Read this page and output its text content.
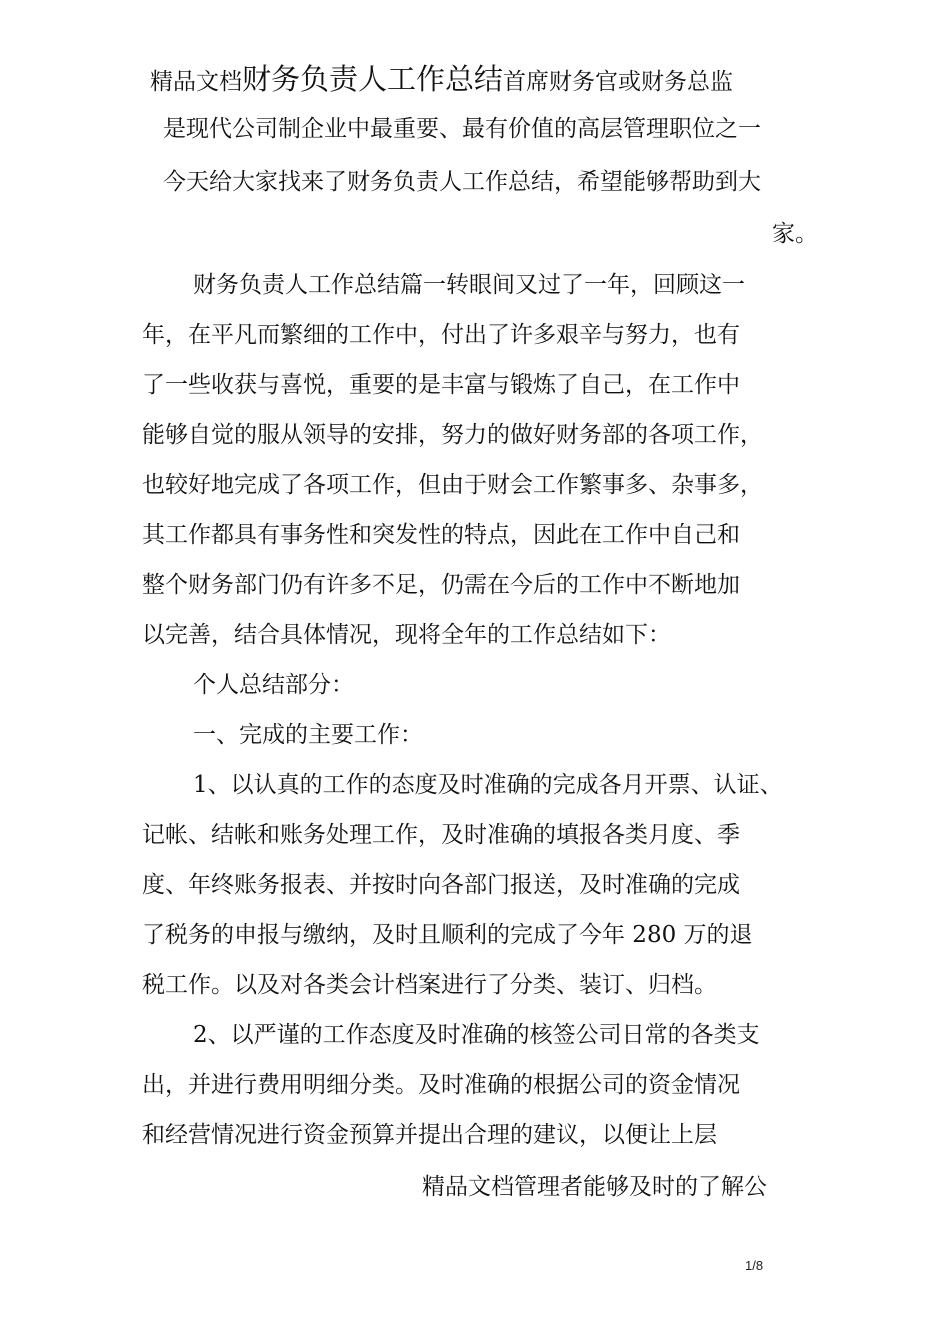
精品文档财务负责人工作总结首席财务官或财务总监
是现代公司制企业中最重要、最有价值的高层管理职位之一
今天给大家找来了财务负责人工作总结，希望能够帮助到大
家。
财务负责人工作总结篇一转眼间又过了一年，回顾这一
年，在平凡而繁细的工作中，付出了许多艰辛与努力，也有
了一些收获与喜悦，重要的是丰富与锻炼了自己，在工作中
能够自觉的服从领导的安排，努力的做好财务部的各项工作，
也较好地完成了各项工作，但由于财会工作繁事多、杂事多，
其工作都具有事务性和突发性的特点，因此在工作中自己和
整个财务部门仍有许多不足，仍需在今后的工作中不断地加
以完善，结合具体情况，现将全年的工作总结如下：
个人总结部分：
一、完成的主要工作：
1、以认真的工作的态度及时准确的完成各月开票、认证、
记帐、结帐和账务处理工作，及时准确的填报各类月度、季
度、年终账务报表、并按时向各部门报送，及时准确的完成
了税务的申报与缴纳，及时且顺利的完成了今年 280 万的退
税工作。以及对各类会计档案进行了分类、装订、归档。
2、以严谨的工作态度及时准确的核签公司日常的各类支
出，并进行费用明细分类。及时准确的根据公司的资金情况
和经营情况进行资金预算并提出合理的建议，以便让上层
精品文档管理者能够及时的了解公
1/8
